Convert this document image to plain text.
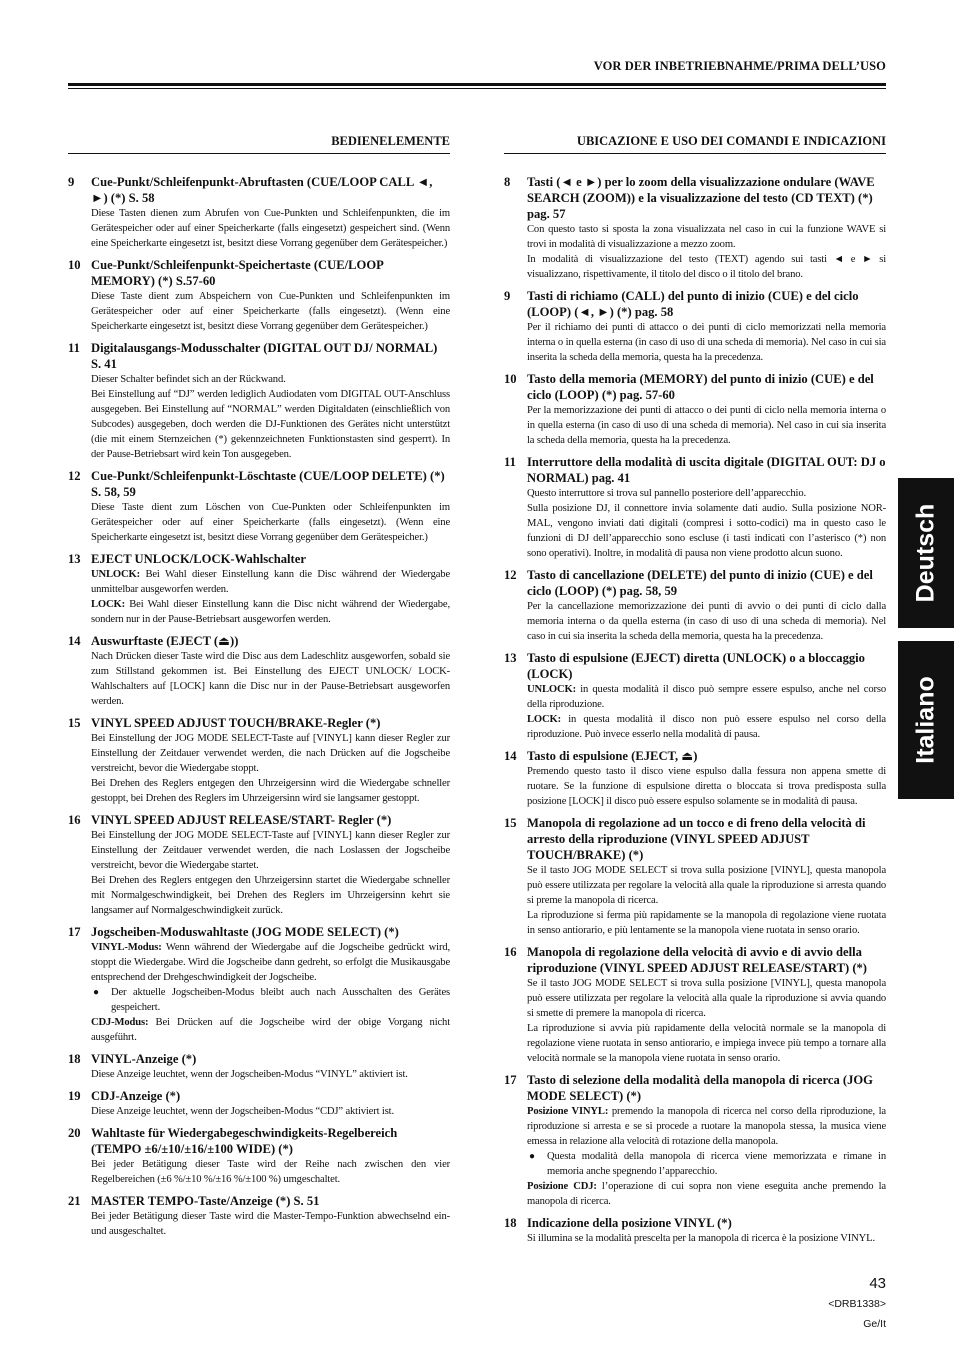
VOR DER INBETRIEBNAHME/PRIMA DELL’USO
BEDIENELEMENTE
9	Cue-Punkt/Schleifenpunkt-Abruftasten (CUE/LOOP CALL ◄, ►) (*) S. 58

Diese Tasten dienen zum Abrufen von Cue-Punkten und Schleifenpunkten, die im Gerätespeicher oder auf einer Speicherkarte (falls eingesetzt) gespeichert sind. (Wenn eine Speicherkarte eingesetzt ist, besitzt diese Vorrang gegenüber dem Gerätespeicher.)

10 Cue-Punkt/Schleifenpunkt-Speichertaste (CUE/LOOP MEMORY) (*) S.57-60

Diese Taste dient zum Abspeichern von Cue-Punkten und Schleifenpunkten im Gerätespeicher oder auf einer Speicherkarte (falls eingesetzt). (Wenn eine Speicherkarte eingesetzt ist, besitzt diese Vorrang gegenüber dem Gerätespeicher.)

11 Digitalausgangs-Modusschalter (DIGITAL OUT DJ/ NORMAL) S. 41

Dieser Schalter befindet sich an der Rückwand.

Bei Einstellung auf “DJ” werden lediglich Audiodaten vom DIGITAL OUT-Anschluss ausgegeben. Bei Einstellung auf “NORMAL” werden Digitaldaten (einschließlich von Subcodes) ausgegeben, doch werden die DJ-Funktionen des Gerätes nicht unterstützt (die mit einem Sternzeichen (*) gekennzeichneten Funktionstasten sind gesperrt). In der Pause-Betriebsart wird kein Ton ausgegeben.

12 Cue-Punkt/Schleifenpunkt-Löschtaste (CUE/LOOP DELETE) (*) S. 58, 59

Diese Taste dient zum Löschen von Cue-Punkten oder Schleifenpunkten im Gerätespeicher oder auf einer Speicherkarte (falls eingesetzt). (Wenn eine Speicherkarte eingesetzt ist, besitzt diese Vorrang gegenüber dem Gerätespeicher.)

13 EJECT UNLOCK/LOCK-Wahlschalter

UNLOCK: Bei Wahl dieser Einstellung kann die Disc während der Wiedergabe unmittelbar ausgeworfen werden.

LOCK: Bei Wahl dieser Einstellung kann die Disc nicht während der Wiedergabe, sondern nur in der Pause-Betriebsart ausgeworfen werden.

14 Auswurftaste (EJECT (⏏))

Nach Drücken dieser Taste wird die Disc aus dem Ladeschlitz ausgeworfen, sobald sie zum Stillstand gekommen ist. Bei Einstellung des EJECT UNLOCK/ LOCK-Wahlschalters auf [LOCK] kann die Disc nur in der Pause-Betriebsart ausgeworfen werden.

15 VINYL SPEED ADJUST TOUCH/BRAKE-Regler (*)

Bei Einstellung der JOG MODE SELECT-Taste auf [VINYL] kann dieser Regler zur Einstellung der Zeitdauer verwendet werden, die nach Drücken auf die Jogscheibe verstreicht, bevor die Wiedergabe stoppt.

Bei Drehen des Reglers entgegen den Uhrzeigersinn wird die Wiedergabe schneller gestoppt, bei Drehen des Reglers im Uhrzeigersinn wird sie langsamer gestoppt.

16 VINYL SPEED ADJUST RELEASE/START- Regler (*)

Bei Einstellung der JOG MODE SELECT-Taste auf [VINYL] kann dieser Regler zur Einstellung der Zeitdauer verwendet werden, die nach Loslassen der Jogscheibe verstreicht, bevor die Wiedergabe startet.

Bei Drehen des Reglers entgegen den Uhrzeigersinn startet die Wiedergabe schneller mit Normalgeschwindigkeit, bei Drehen des Reglers im Uhrzeigersinn kehrt sie langsamer auf Normalgeschwindigkeit zurück.

17 Jogscheiben-Moduswahltaste (JOG MODE SELECT) (*)

VINYL-Modus: Wenn während der Wiedergabe auf die Jogscheibe gedrückt wird, stoppt die Wiedergabe. Wird die Jogscheibe dann gedreht, so erfolgt die Musikausgabe entsprechend der Drehgeschwindigkeit der Jogscheibe.

●	Der aktuelle Jogscheiben-Modus bleibt auch nach Ausschalten des Gerätes gespeichert.

CDJ-Modus: Bei Drücken auf die Jogscheibe wird der obige Vorgang nicht ausgeführt.

18 VINYL-Anzeige (*)

Diese Anzeige leuchtet, wenn der Jogscheiben-Modus “VINYL” aktiviert ist.

19 CDJ-Anzeige (*)

Diese Anzeige leuchtet, wenn der Jogscheiben-Modus “CDJ” aktiviert ist.

20 Wahltaste für Wiedergabegeschwindigkeits-Regelbereich (TEMPO ±6/±10/±16/±100 WIDE) (*)

Bei jeder Betätigung dieser Taste wird der Reihe nach zwischen den vier Regelbereichen (±6 %/±10 %/±16 %/±100 %) umgeschaltet.

21 MASTER TEMPO-Taste/Anzeige (*) S. 51

Bei jeder Betätigung dieser Taste wird die Master-Tempo-Funktion abwechselnd ein- und ausgeschaltet.

UBICAZIONE E USO DEI COMANDI E INDICAZIONI
8	Tasti (◄ e ►) per lo zoom della visualizzazione ondulare (WAVE SEARCH (ZOOM)) e la visualizzazione del testo (CD TEXT) (*) pag. 57

Con questo tasto si sposta la zona visualizzata nel caso in cui la funzione WAVE si trovi in modalità di visualizzazione a mezzo zoom.

In modalità di visualizzazione del testo (TEXT) agendo sui tasti ◄ e ► si visualizzano, rispettivamente, il titolo del disco o il titolo del brano.

9	Tasti di richiamo (CALL) del punto di inizio (CUE) e del ciclo (LOOP) (◄, ►) (*) pag. 58

Per il richiamo dei punti di attacco o dei punti di ciclo memorizzati nella memoria interna o in quella esterna (in caso di uso di una scheda di memoria). Nel caso in cui sia inserita la scheda della memoria, questa ha la precedenza.

10 Tasto della memoria (MEMORY) del punto di inizio (CUE) e del ciclo (LOOP) (*) pag. 57-60

Per la memorizzazione dei punti di attacco o dei punti di ciclo nella memoria interna o in quella esterna (in caso di uso di una scheda di memoria). Nel caso in cui sia inserita la scheda della memoria, questa ha la precedenza.

11 Interruttore della modalità di uscita digitale (DIGITAL OUT: DJ o NORMAL) pag. 41

Questo interruttore si trova sul pannello posteriore dell’apparecchio.

Sulla posizione DJ, il connettore invia solamente dati audio. Sulla posizione NOR-MAL, vengono inviati dati digitali (compresi i sotto-codici) ma in questo caso le funzioni di DJ dell’apparecchio sono escluse (i tasti indicati con l’asterisco (*) non sono operativi). Inoltre, in modalità di pausa non viene prodotto alcun suono.

12 Tasto di cancellazione (DELETE) del punto di inizio (CUE) e del ciclo (LOOP) (*) pag. 58, 59

Per la cancellazione memorizzazione dei punti di avvio o dei punti di ciclo dalla memoria interna o da quella esterna (in caso di uso di una scheda di memoria). Nel caso in cui sia inserita la scheda della memoria, questa ha la precedenza.

13 Tasto di espulsione (EJECT) diretta (UNLOCK) o a bloccaggio (LOCK)

UNLOCK: in questa modalità il disco può sempre essere espulso, anche nel corso della riproduzione.

LOCK: in questa modalità il disco non può essere espulso nel corso della riproduzione. Può invece esserlo nella modalità di pausa.

14 Tasto di espulsione (EJECT, ⏏)

Premendo questo tasto il disco viene espulso dalla fessura non appena smette di ruotare. Se la funzione di espulsione diretta o bloccata si trova predisposta sulla posizione [LOCK] il disco può essere espulso solamente se in modalità di pausa.

15 Manopola di regolazione ad un tocco e di freno della velocità di arresto della riproduzione (VINYL SPEED ADJUST TOUCH/BRAKE) (*)

Se il tasto JOG MODE SELECT si trova sulla posizione [VINYL], questa manopola può essere utilizzata per regolare la velocità alla quale la riproduzione si arresta quando si preme la manopola di ricerca.

La riproduzione si ferma più rapidamente se la manopola di regolazione viene ruotata in senso antiorario, e più lentamente se la manopola viene ruotata in senso orario.

16 Manopola di regolazione della velocità di avvio e di avvio della riproduzione (VINYL SPEED ADJUST RELEASE/START) (*)

Se il tasto JOG MODE SELECT si trova sulla posizione [VINYL], questa manopola può essere utilizzata per regolare la velocità alla quale la riproduzione si avvia quando si smette di premere la manopola di ricerca.

La riproduzione si avvia più rapidamente della velocità normale se la manopola di regolazione viene ruotata in senso antiorario, e impiega invece più tempo a tornare alla velocità normale se la manopola viene ruotata in senso orario.

17 Tasto di selezione della modalità della manopola di ricerca (JOG MODE SELECT) (*)

Posizione VINYL: premendo la manopola di ricerca nel corso della riproduzione, la riproduzione si arresta e se si procede a ruotare la manopola stessa, la musica viene emessa in relazione alla velocità di rotazione della manopola.

●	Questa modalità della manopola di ricerca viene memorizzata e rimane in memoria anche spegnendo l’apparecchio.

Posizione CDJ: l’operazione di cui sopra non viene eseguita anche premendo la manopola di ricerca.

18 Indicazione della posizione VINYL (*)

Si illumina se la modalità prescelta per la manopola di ricerca è la posizione VINYL.

Deutsch
Italiano
43
<DRB1338>
Ge/It
